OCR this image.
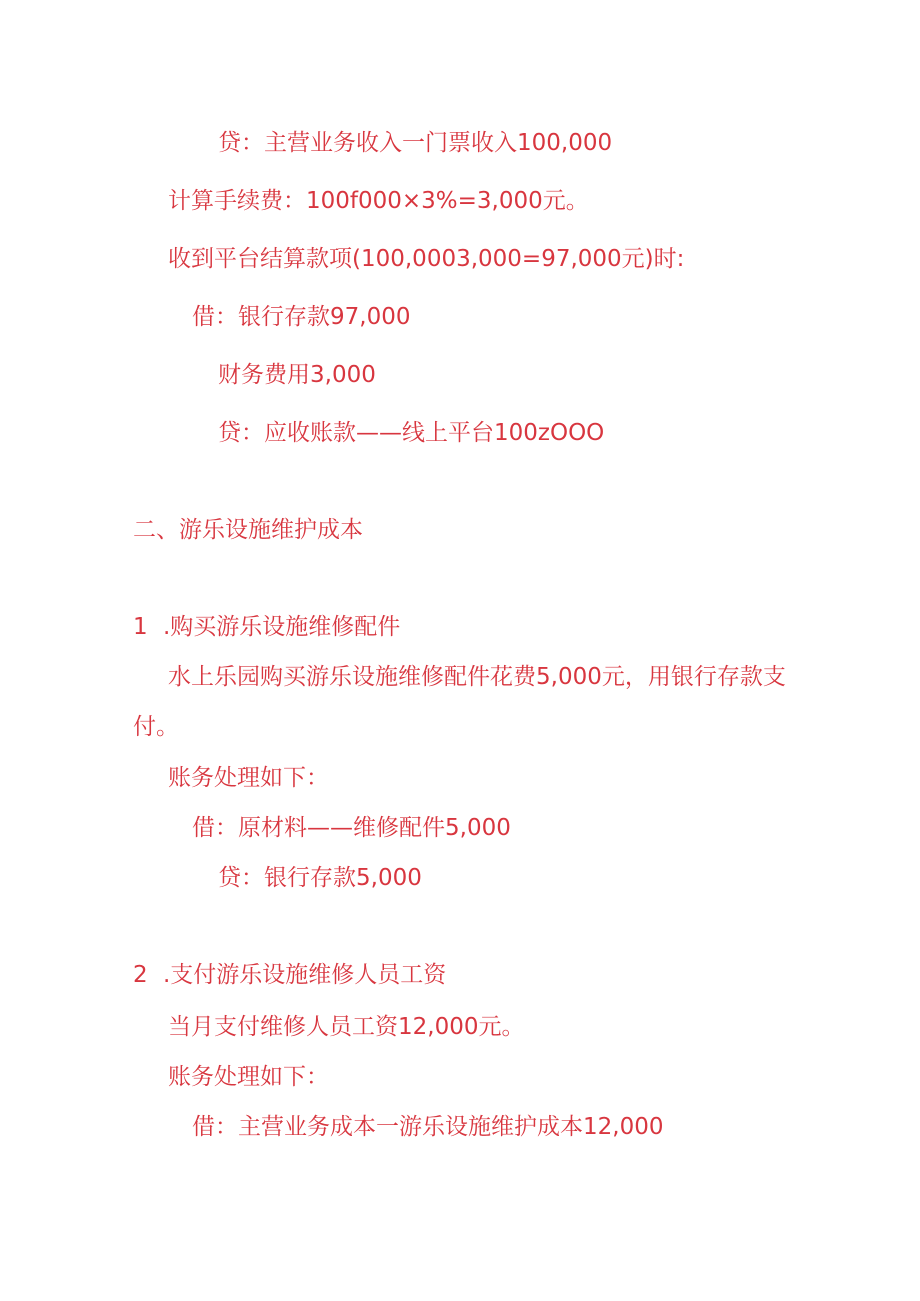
贷：主营业务收入一门票收入100,000
计算手续费：100f000×3%=3,000元。
收到平台结算款项(100,0003,000=97,000元)时:
借：银行存款97,000
财务费用3,000
贷：应收账款——线上平台100zOOO
二、游乐设施维护成本
1 .购买游乐设施维修配件
水上乐园购买游乐设施维修配件花费5,000元，用银行存款支
付。
账务处理如下：
借：原材料——维修配件5,000
贷：银行存款5,000
2 .支付游乐设施维修人员工资
当月支付维修人员工资12,000元。
账务处理如下：
借：主营业务成本一游乐设施维护成本12,000
